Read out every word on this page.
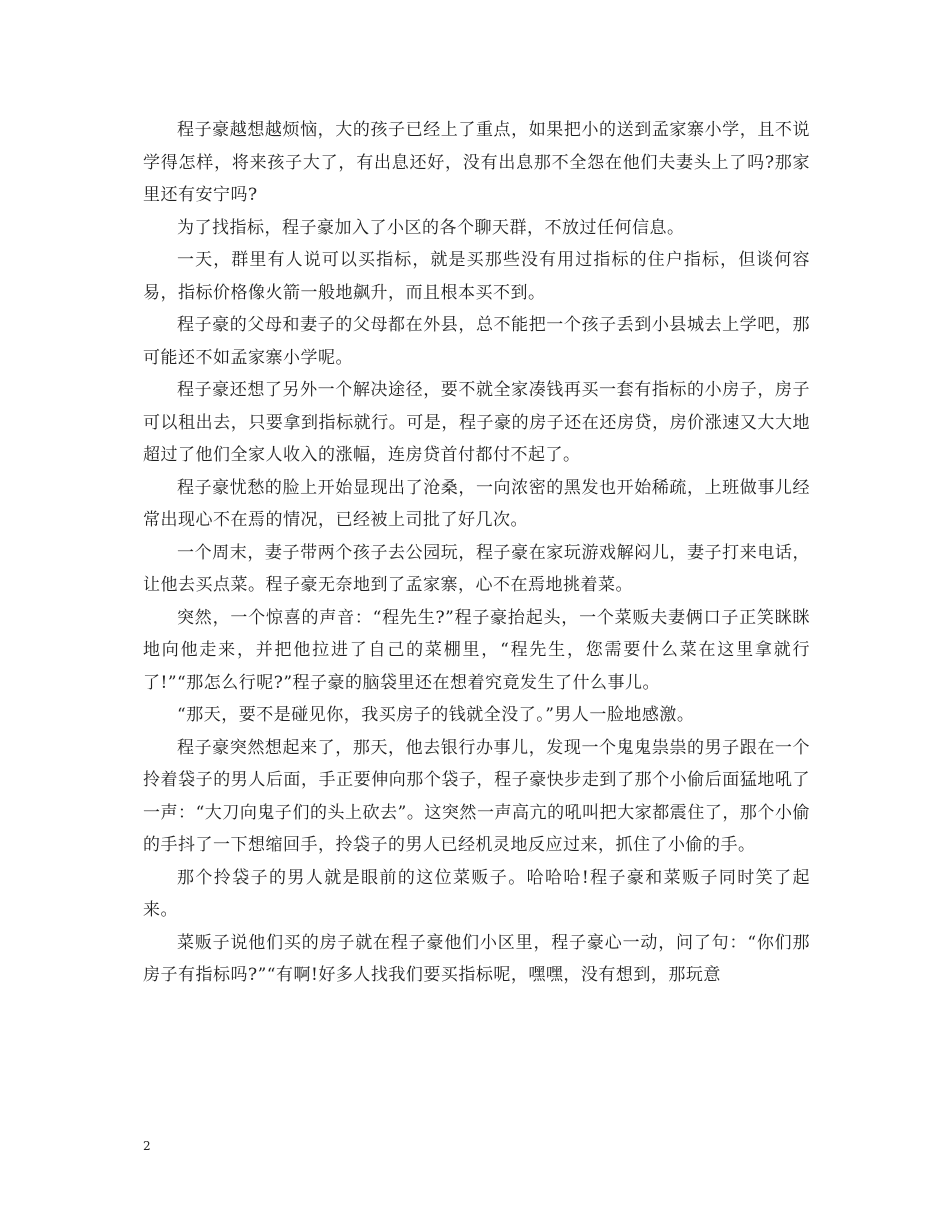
程子豪越想越烦恼，大的孩子已经上了重点，如果把小的送到孟家寨小学，且不说学得怎样，将来孩子大了，有出息还好，没有出息那不全怨在他们夫妻头上了吗?那家里还有安宁吗?

为了找指标，程子豪加入了小区的各个聊天群，不放过任何信息。

一天，群里有人说可以买指标，就是买那些没有用过指标的住户指标，但谈何容易，指标价格像火箭一般地飙升，而且根本买不到。

程子豪的父母和妻子的父母都在外县，总不能把一个孩子丢到小县城去上学吧，那可能还不如孟家寨小学呢。

程子豪还想了另外一个解决途径，要不就全家凑钱再买一套有指标的小房子，房子可以租出去，只要拿到指标就行。可是，程子豪的房子还在还房贷，房价涨速又大大地超过了他们全家人收入的涨幅，连房贷首付都付不起了。

程子豪忧愁的脸上开始显现出了沧桑，一向浓密的黑发也开始稀疏，上班做事儿经常出现心不在焉的情况，已经被上司批了好几次。

一个周末，妻子带两个孩子去公园玩，程子豪在家玩游戏解闷儿，妻子打来电话，让他去买点菜。程子豪无奈地到了孟家寨，心不在焉地挑着菜。

突然，一个惊喜的声音：“程先生?”程子豪抬起头，一个菜贩夫妻俩口子正笑眯眯地向他走来，并把他拉进了自己的菜棚里，“程先生，您需要什么菜在这里拿就行了!”“那怎么行呢?”程子豪的脑袋里还在想着究竟发生了什么事儿。

“那天，要不是碰见你，我买房子的钱就全没了。”男人一脸地感激。

程子豪突然想起来了，那天，他去银行办事儿，发现一个鬼鬼祟祟的男子跟在一个拎着袋子的男人后面，手正要伸向那个袋子，程子豪快步走到了那个小偷后面猛地吼了一声：“大刀向鬼子们的头上砍去”。这突然一声高亢的吼叫把大家都震住了，那个小偷的手抖了一下想缩回手，拎袋子的男人已经机灵地反应过来，抓住了小偷的手。

那个拎袋子的男人就是眼前的这位菜贩子。哈哈哈!程子豪和菜贩子同时笑了起来。

菜贩子说他们买的房子就在程子豪他们小区里，程子豪心一动，问了句：“你们那房子有指标吗?”“有啊!好多人找我们要买指标呢，嘿嘿，没有想到，那玩意

2
